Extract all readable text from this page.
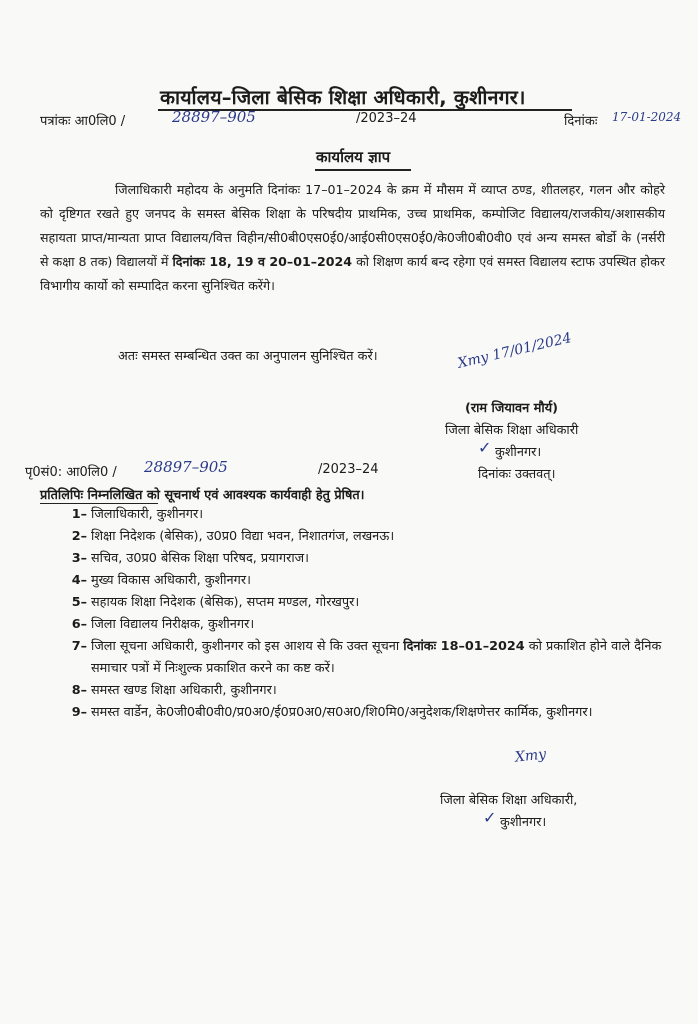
कार्यालय–जिला बेसिक शिक्षा अधिकारी, कुशीनगर।
पत्रांकः आ0लि0 /	28897–905	/2023–24	दिनांकः 17-01-2024
कार्यालय ज्ञाप
जिलाधिकारी महोदय के अनुमति दिनांकः 17–01–2024 के क्रम में मौसम में व्याप्त ठण्ड, शीतलहर, गलन और कोहरे को दृष्टिगत रखते हुए जनपद के समस्त बेसिक शिक्षा के परिषदीय प्राथमिक, उच्च प्राथमिक, कम्पोजिट विद्यालय/राजकीय/अशासकीय सहायता प्राप्त/मान्यता प्राप्त विद्यालय/वित्त विहीन/सी0बी0एस0ई0/आई0सी0एस0ई0/के0जी0बी0वी0 एवं अन्य समस्त बोर्डो के (नर्सरी से कक्षा 8 तक) विद्यालयों में दिनांकः 18, 19 व 20–01–2024 को शिक्षण कार्य बन्द रहेगा एवं समस्त विद्यालय स्टाफ उपस्थित होकर विभागीय कार्यो को सम्पादित करना सुनिश्चित करेंगे।
अतः समस्त सम्बन्धित उक्त का अनुपालन सुनिश्चित करें।	Xmy 17/01/2024
(राम जियावन मौर्य)
जिला बेसिक शिक्षा अधिकारी
✓ कुशीनगर।
दिनांकः उक्तवत्।
पृ0सं0: आ0लि0 / 28897–905	/2023–24
प्रतिलिपिः निम्नलिखित को सूचनार्थ एवं आवश्यक कार्यवाही हेतु प्रेषित।
1– जिलाधिकारी, कुशीनगर।
2– शिक्षा निदेशक (बेसिक), उ0प्र0 विद्या भवन, निशातगंज, लखनऊ।
3– सचिव, उ0प्र0 बेसिक शिक्षा परिषद, प्रयागराज।
4– मुख्य विकास अधिकारी, कुशीनगर।
5– सहायक शिक्षा निदेशक (बेसिक), सप्तम मण्डल, गोरखपुर।
6– जिला विद्यालय निरीक्षक, कुशीनगर।
7– जिला सूचना अधिकारी, कुशीनगर को इस आशय से कि उक्त सूचना दिनांकः 18–01–2024 को प्रकाशित होने वाले दैनिक समाचार पत्रों में निःशुल्क प्रकाशित करने का कष्ट करें।
8– समस्त खण्ड शिक्षा अधिकारी, कुशीनगर।
9– समस्त वार्डेन, के0जी0बी0वी0/प्र0अ0/ई0प्र0अ0/स0अ0/शि0मि0/अनुदेशक/शिक्षणेत्तर कार्मिक, कुशीनगर।
Xmy
जिला बेसिक शिक्षा अधिकारी,
✓ कुशीनगर।
